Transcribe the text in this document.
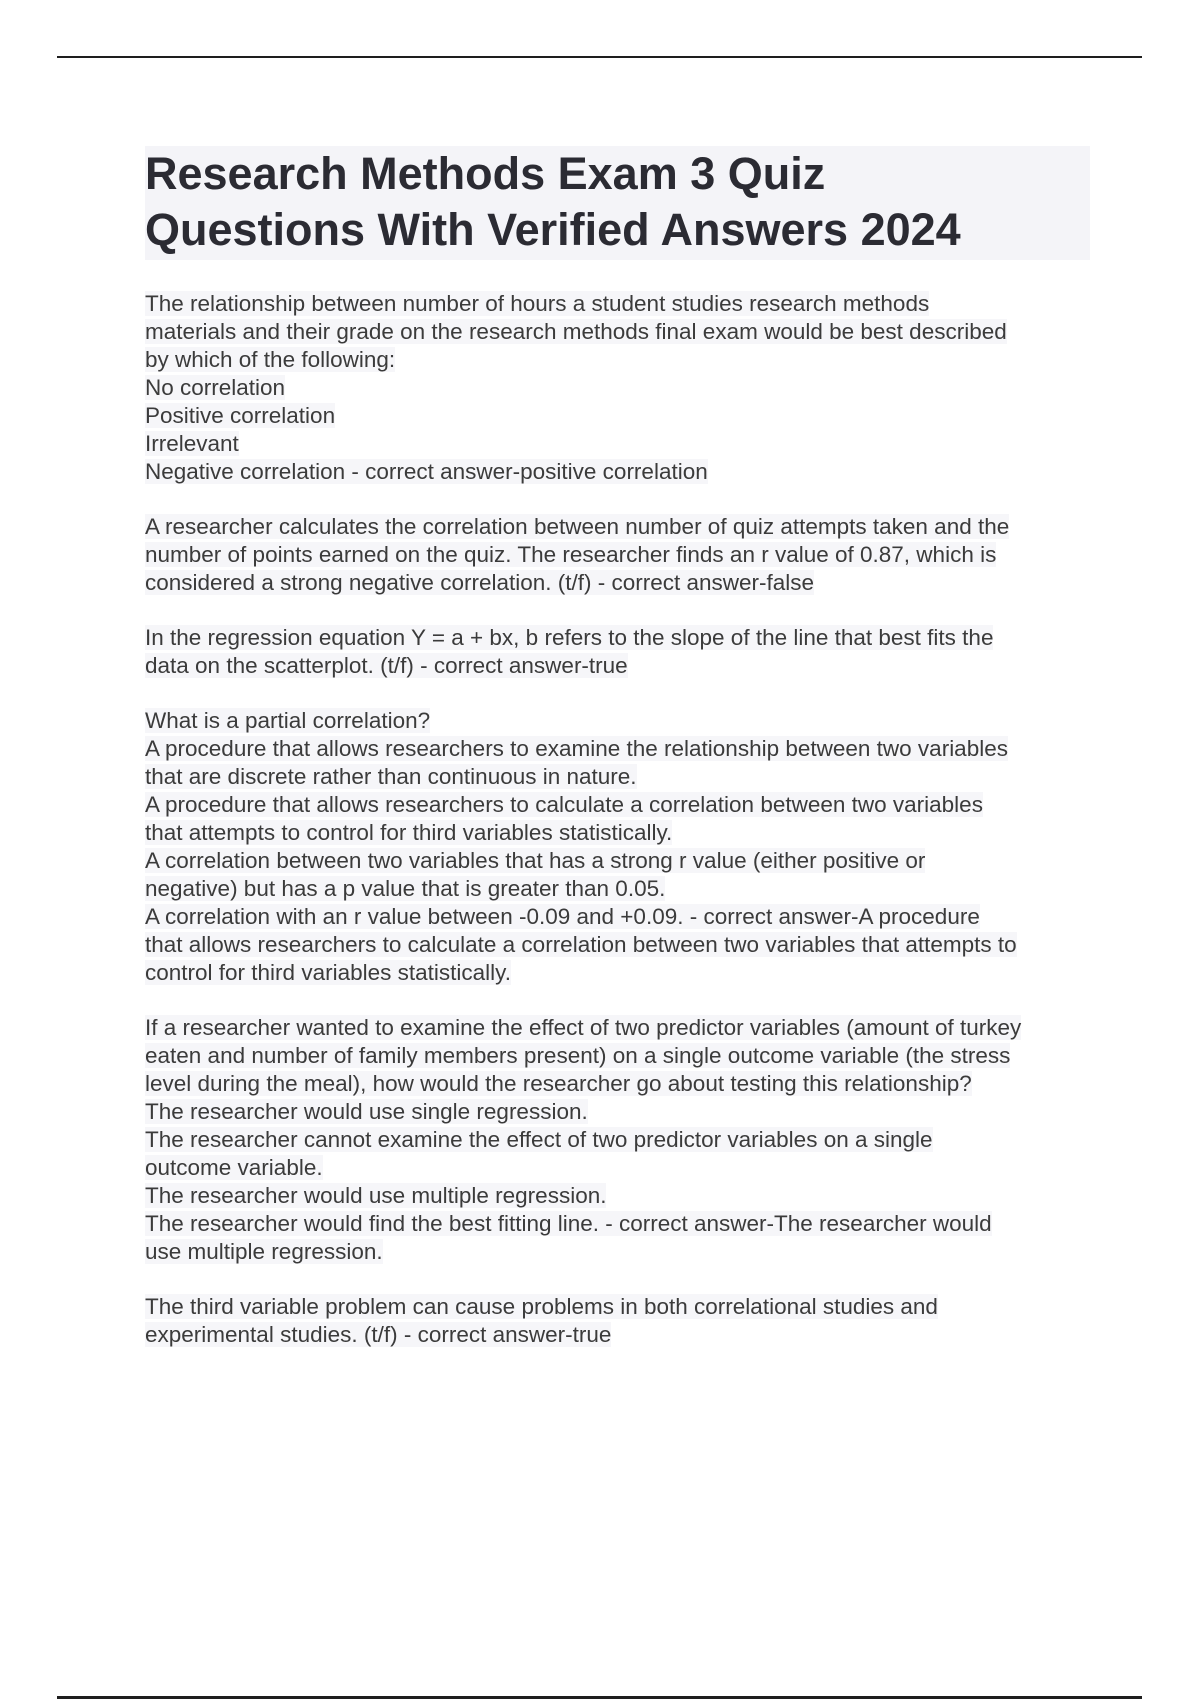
Research Methods Exam 3 Quiz
Questions With Verified Answers 2024
The relationship between number of hours a student studies research methods
materials and their grade on the research methods final exam would be best described
by which of the following:
No correlation
Positive correlation
Irrelevant
Negative correlation - correct answer-positive correlation
A researcher calculates the correlation between number of quiz attempts taken and the
number of points earned on the quiz. The researcher finds an r value of 0.87, which is
considered a strong negative correlation. (t/f) - correct answer-false
In the regression equation Y = a + bx, b refers to the slope of the line that best fits the
data on the scatterplot. (t/f) - correct answer-true
What is a partial correlation?
A procedure that allows researchers to examine the relationship between two variables
that are discrete rather than continuous in nature.
A procedure that allows researchers to calculate a correlation between two variables
that attempts to control for third variables statistically.
A correlation between two variables that has a strong r value (either positive or
negative) but has a p value that is greater than 0.05.
A correlation with an r value between -0.09 and +0.09. - correct answer-A procedure
that allows researchers to calculate a correlation between two variables that attempts to
control for third variables statistically.
If a researcher wanted to examine the effect of two predictor variables (amount of turkey
eaten and number of family members present) on a single outcome variable (the stress
level during the meal), how would the researcher go about testing this relationship?
The researcher would use single regression.
The researcher cannot examine the effect of two predictor variables on a single
outcome variable.
The researcher would use multiple regression.
The researcher would find the best fitting line. - correct answer-The researcher would
use multiple regression.
The third variable problem can cause problems in both correlational studies and
experimental studies. (t/f) - correct answer-true
